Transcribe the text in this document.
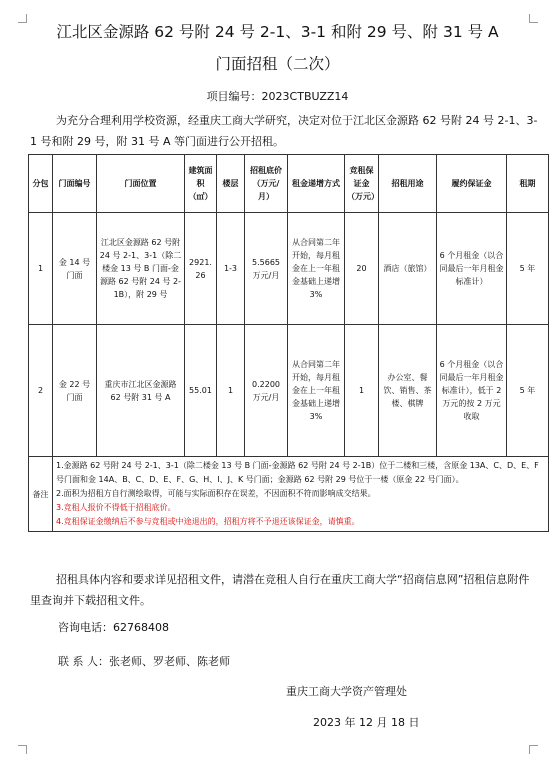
江北区金源路 62 号附 24 号 2-1、3-1 和附 29 号、附 31 号 A
门面招租（二次）
项目编号：2023CTBUZZ14
为充分合理利用学校资源，经重庆工商大学研究，决定对位于江北区金源路 62 号附 24 号 2-1、3-1 号和附 29 号，附 31 号 A 等门面进行公开招租。
分包	门面编号	门面位置	建筑面积（㎡）	楼层	招租底价（万元/月）	租金递增方式	竞租保证金（万元）	招租用途	履约保证金	租期
1	金 14 号门面	江北区金源路 62 号附 24 号 2-1、3-1（除二楼金 13 号 B 门面-金源路 62 号附 24 号 2-1B），附 29 号	2921.26	1-3	5.5665 万元/月	从合同第二年开始，每月租金在上一年租金基础上递增 3%	20	酒店（旅馆）	6 个月租金（以合同最后一年月租金标准计）	5 年
2	金 22 号门面	重庆市江北区金源路 62 号附 31 号 A	55.01	1	0.2200 万元/月	从合同第二年开始，每月租金在上一年租金基础上递增 3%	1	办公室、餐饮、销售、茶楼、棋牌	6 个月租金（以合同最后一年月租金标准计），低于 2 万元的按 2 万元收取	5 年
备注	1.金源路 62 号附 24 号 2-1、3-1（除二楼金 13 号 B 门面-金源路 62 号附 24 号 2-1B）位于二楼和三楼，含原金 13A、C、D、E、F 号门面和金 14A、B、C、D、E、F、G、H、I、J、K 号门面；金源路 62 号附 29 号位于一楼（原金 22 号门面）。
2.面积为招租方自行测绘取得，可能与实际面积存在误差，不因面积不符而影响成交结果。
3.竞租人报价不得低于招租底价。
4.竞租保证金缴纳后不参与竞租或中途退出的，招租方将不予退还该保证金，请慎重。									
招租具体内容和要求详见招租文件，请潜在竞租人自行在重庆工商大学“招商信息网”招租信息附件里查询并下载招租文件。
咨询电话：62768408
联 系 人：张老师、罗老师、陈老师
重庆工商大学资产管理处
2023 年 12 月 18 日
